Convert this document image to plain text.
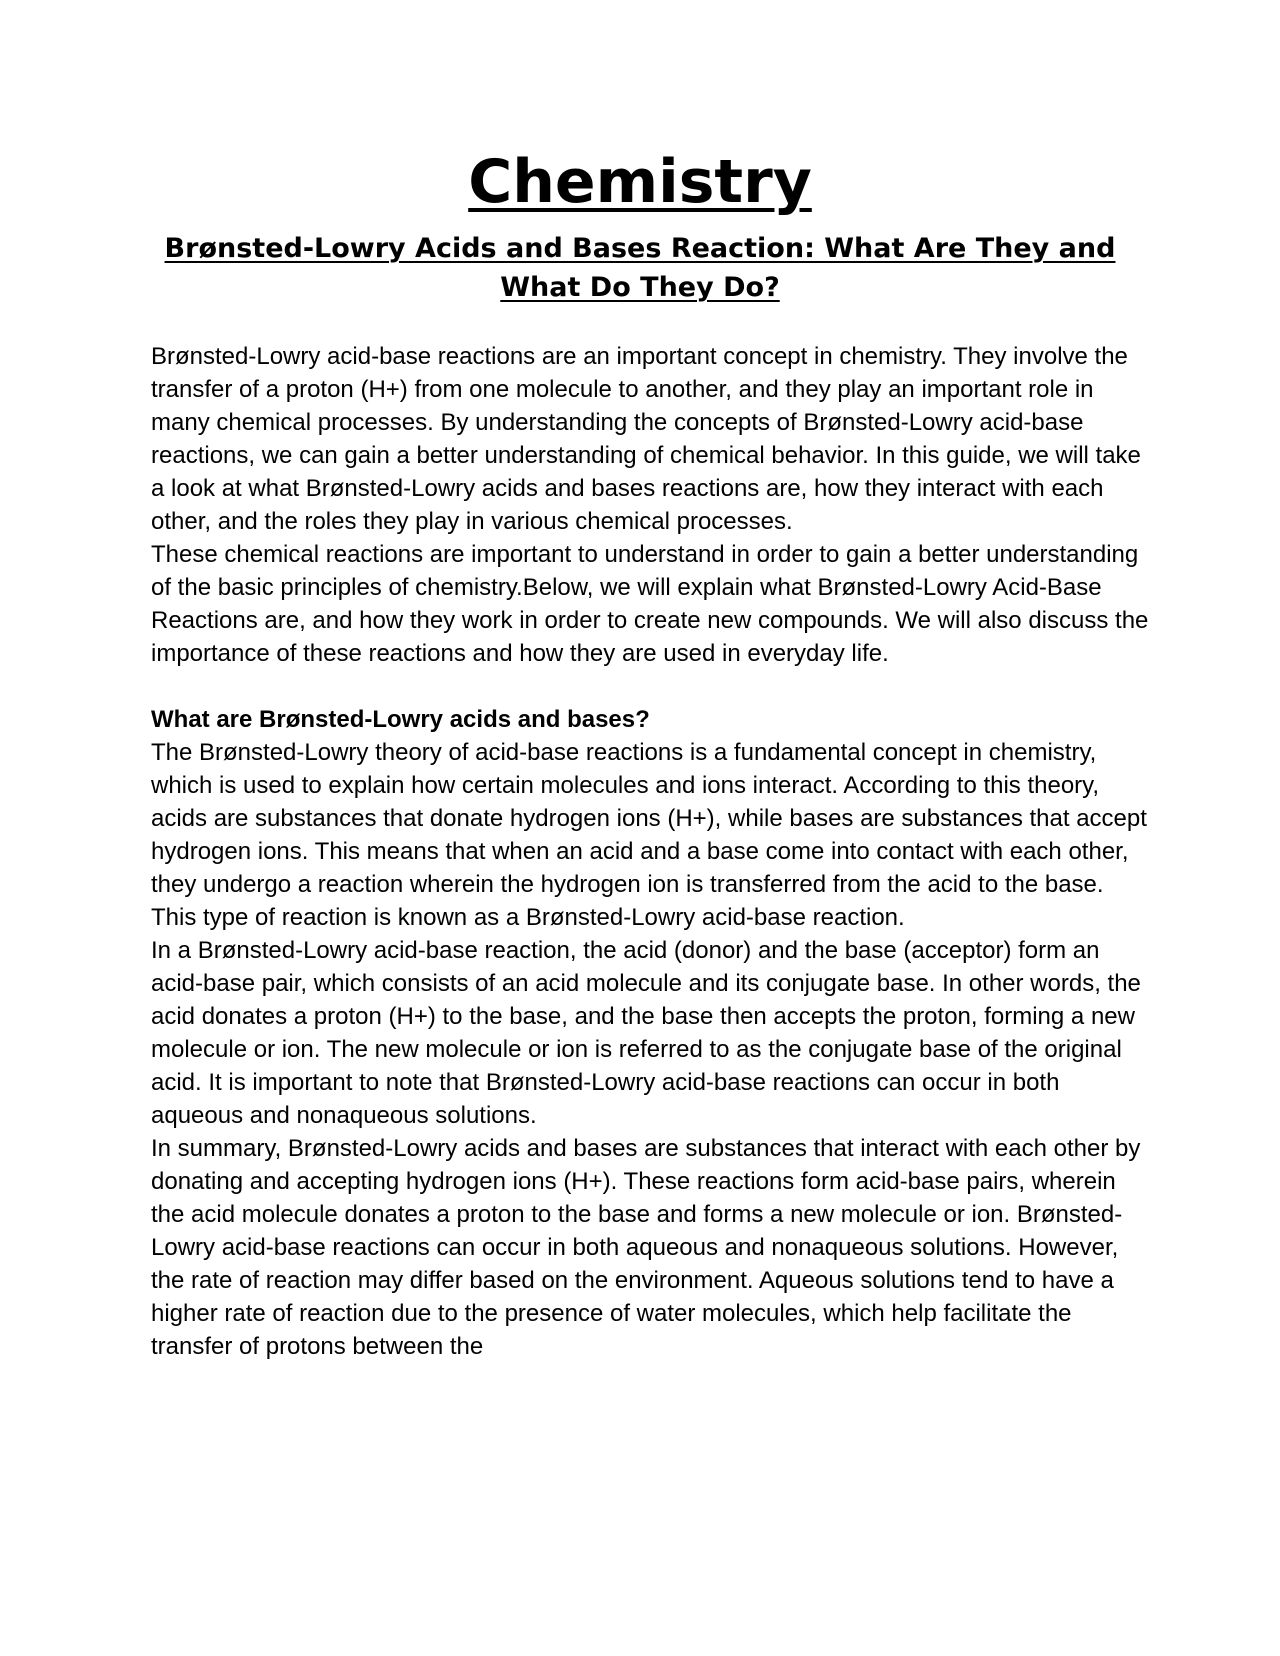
Chemistry
Brønsted-Lowry Acids and Bases Reaction: What Are They and What Do They Do?

Brønsted-Lowry acid-base reactions are an important concept in chemistry. They involve the transfer of a proton (H+) from one molecule to another, and they play an important role in many chemical processes. By understanding the concepts of Brønsted-Lowry acid-base reactions, we can gain a better understanding of chemical behavior. In this guide, we will take a look at what Brønsted-Lowry acids and bases reactions are, how they interact with each other, and the roles they play in various chemical processes.

These chemical reactions are important to understand in order to gain a better understanding of the basic principles of chemistry.Below, we will explain what Brønsted-Lowry Acid-Base Reactions are, and how they work in order to create new compounds. We will also discuss the importance of these reactions and how they are used in everyday life.

What are Brønsted-Lowry acids and bases?

The Brønsted-Lowry theory of acid-base reactions is a fundamental concept in chemistry, which is used to explain how certain molecules and ions interact. According to this theory, acids are substances that donate hydrogen ions (H+), while bases are substances that accept hydrogen ions. This means that when an acid and a base come into contact with each other, they undergo a reaction wherein the hydrogen ion is transferred from the acid to the base. This type of reaction is known as a Brønsted-Lowry acid-base reaction.

In a Brønsted-Lowry acid-base reaction, the acid (donor) and the base (acceptor) form an acid-base pair, which consists of an acid molecule and its conjugate base. In other words, the acid donates a proton (H+) to the base, and the base then accepts the proton, forming a new molecule or ion. The new molecule or ion is referred to as the conjugate base of the original acid. It is important to note that Brønsted-Lowry acid-base reactions can occur in both aqueous and nonaqueous solutions.

In summary, Brønsted-Lowry acids and bases are substances that interact with each other by donating and accepting hydrogen ions (H+). These reactions form acid-base pairs, wherein the acid molecule donates a proton to the base and forms a new molecule or ion. Brønsted-Lowry acid-base reactions can occur in both aqueous and nonaqueous solutions. However, the rate of reaction may differ based on the environment. Aqueous solutions tend to have a higher rate of reaction due to the presence of water molecules, which help facilitate the transfer of protons between the
